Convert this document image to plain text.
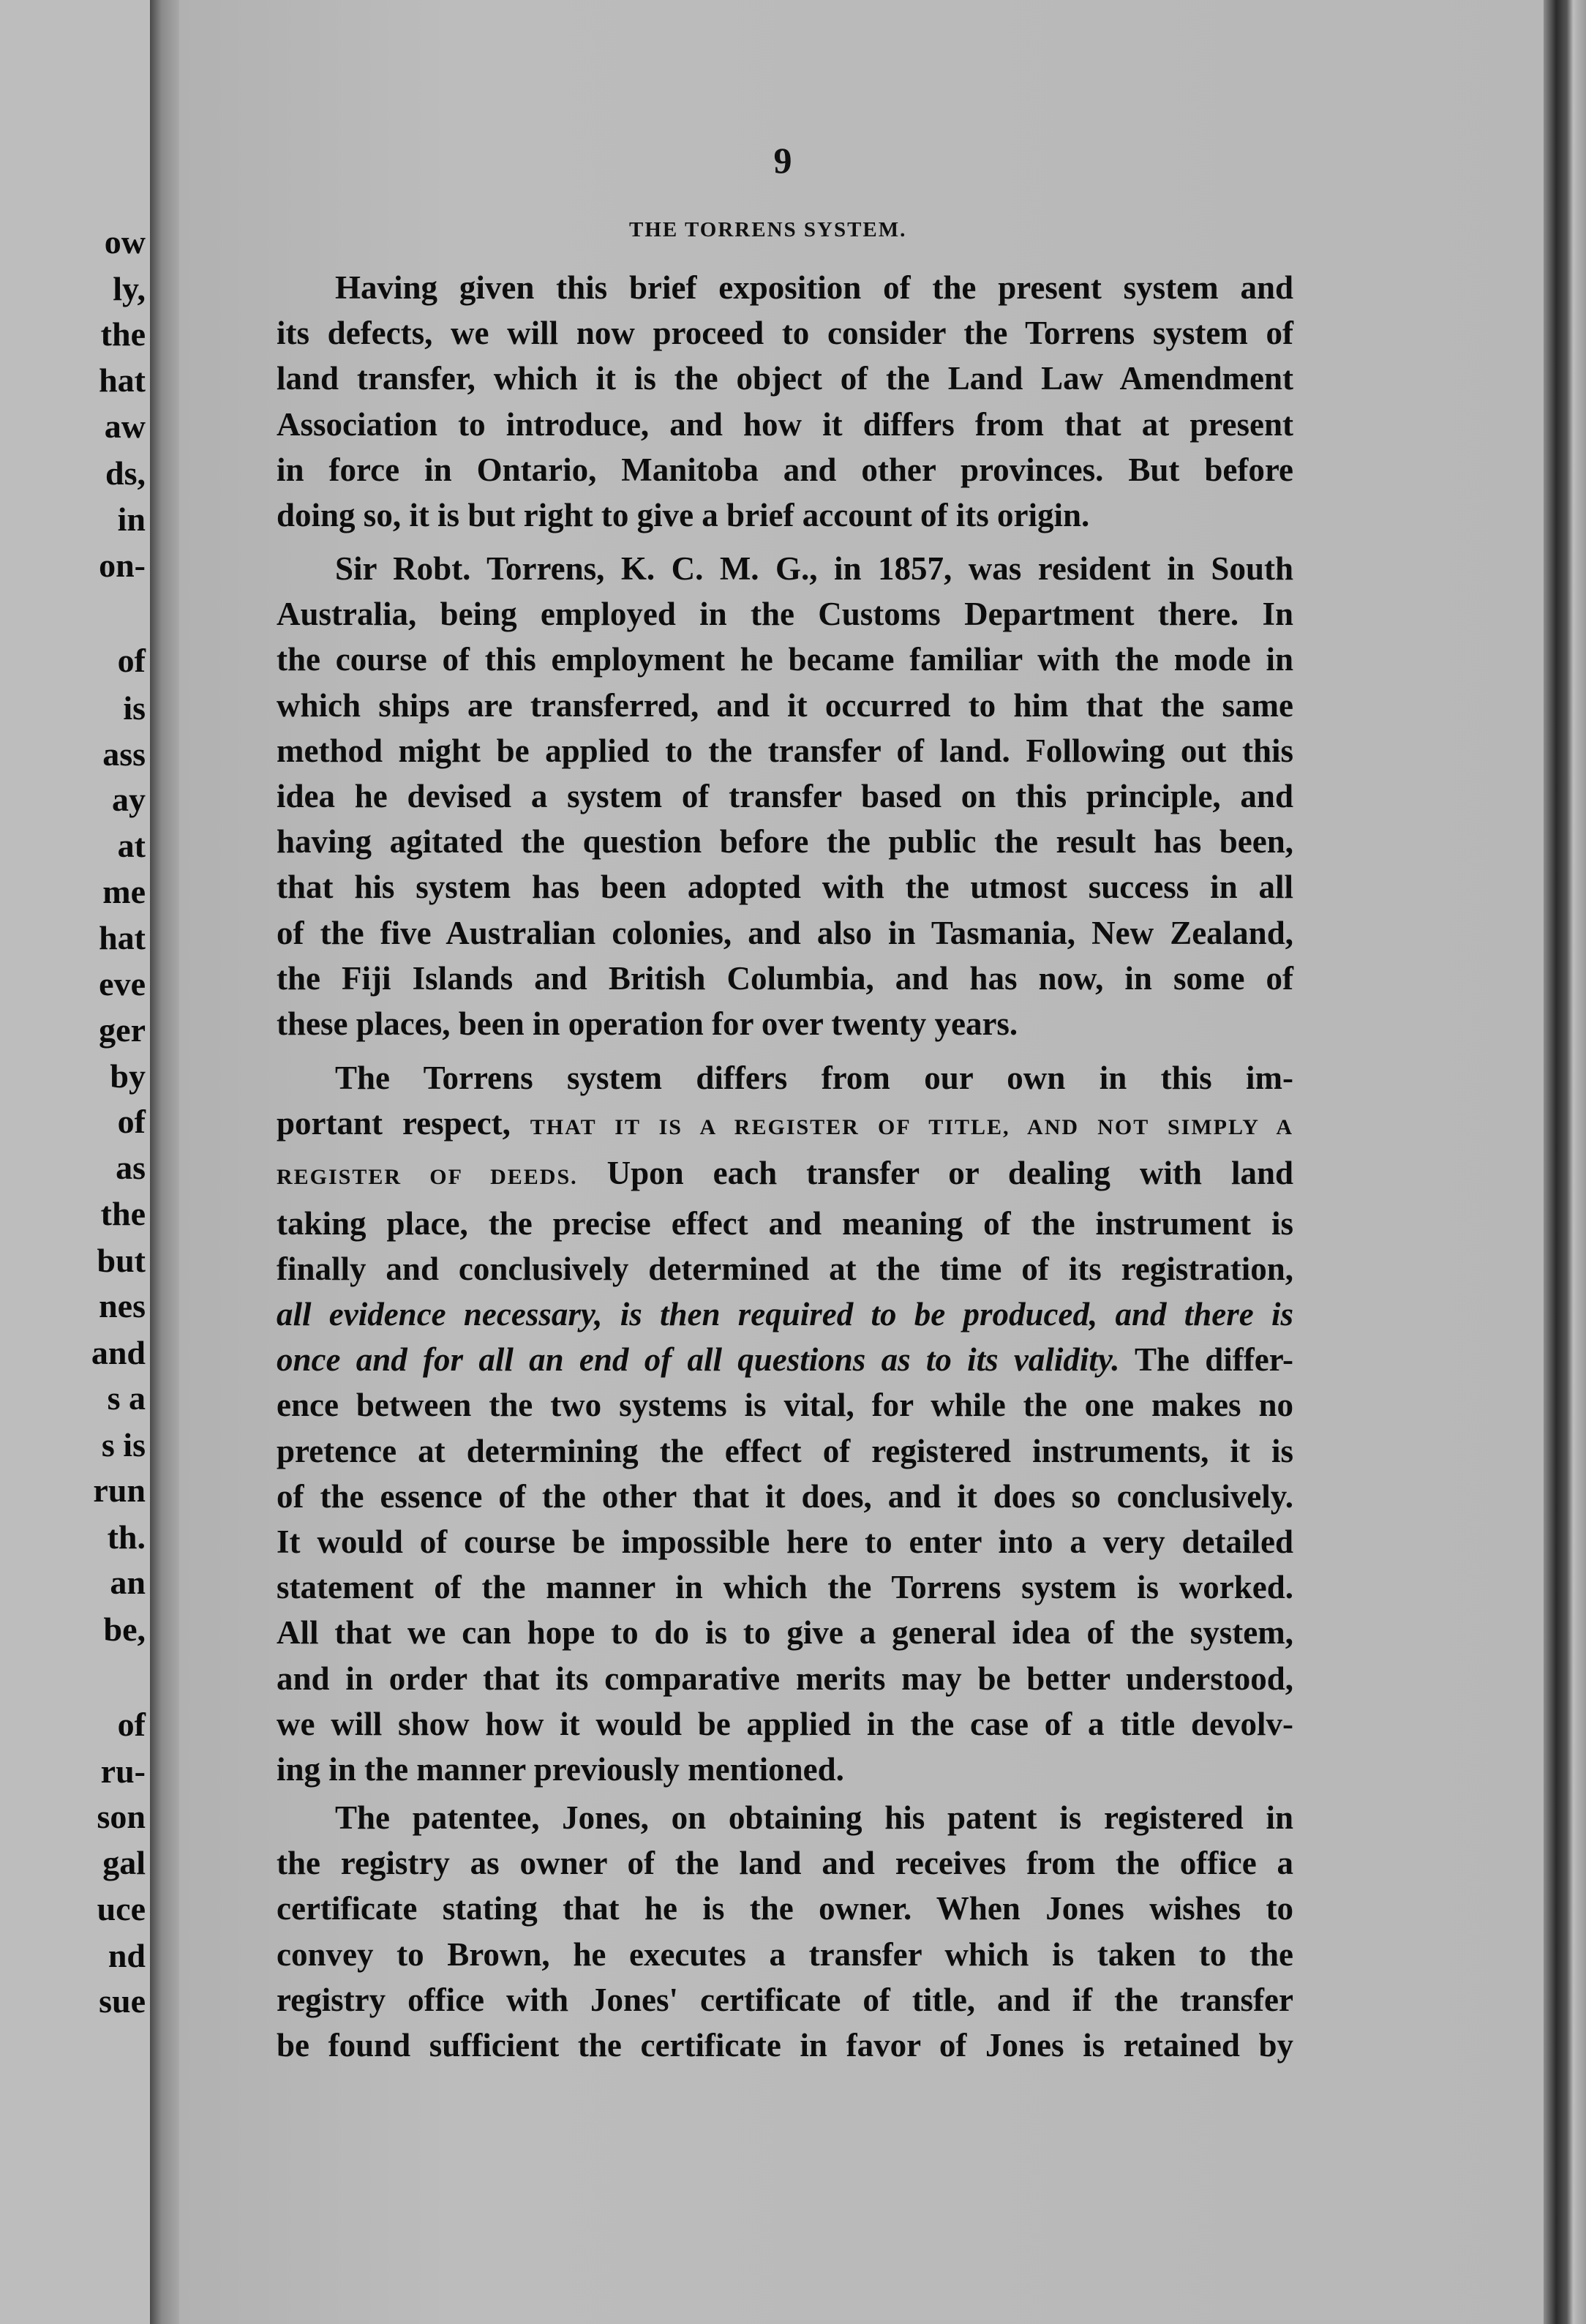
ow
ly,
the
hat
aw
ds,
in
on-
of
is
ass
ay
at
me
hat
eve
ger
by
of
as
the
but
nes
and
s a
s is
run
th.
an
be,
of
ru-
son
gal
uce
nd
sue
9
THE TORRENS SYSTEM.
Having given this brief exposition of the present system and
its defects, we will now proceed to consider the Torrens system of
land transfer, which it is the object of the Land Law Amendment
Association to introduce, and how it differs from that at present
in force in Ontario, Manitoba and other provinces. But before
doing so, it is but right to give a brief account of its origin.
Sir Robt. Torrens, K. C. M. G., in 1857, was resident in South
Australia, being employed in the Customs Department there. In
the course of this employment he became familiar with the mode in
which ships are transferred, and it occurred to him that the same
method might be applied to the transfer of land. Following out this
idea he devised a system of transfer based on this principle, and
having agitated the question before the public the result has been,
that his system has been adopted with the utmost success in all
of the five Australian colonies, and also in Tasmania, New Zealand,
the Fiji Islands and British Columbia, and has now, in some of
these places, been in operation for over twenty years.
The Torrens system differs from our own in this im-
portant respect, THAT IT IS A REGISTER OF TITLE, AND NOT SIMPLY A
REGISTER OF DEEDS. Upon each transfer or dealing with land
taking place, the precise effect and meaning of the instrument is
finally and conclusively determined at the time of its registration,
all evidence necessary, is then required to be produced, and there is
once and for all an end of all questions as to its validity. The differ-
ence between the two systems is vital, for while the one makes no
pretence at determining the effect of registered instruments, it is
of the essence of the other that it does, and it does so conclusively.
It would of course be impossible here to enter into a very detailed
statement of the manner in which the Torrens system is worked.
All that we can hope to do is to give a general idea of the system,
and in order that its comparative merits may be better understood,
we will show how it would be applied in the case of a title devolv-
ing in the manner previously mentioned.
The patentee, Jones, on obtaining his patent is registered in
the registry as owner of the land and receives from the office a
certificate stating that he is the owner. When Jones wishes to
convey to Brown, he executes a transfer which is taken to the
registry office with Jones' certificate of title, and if the transfer
be found sufficient the certificate in favor of Jones is retained by
